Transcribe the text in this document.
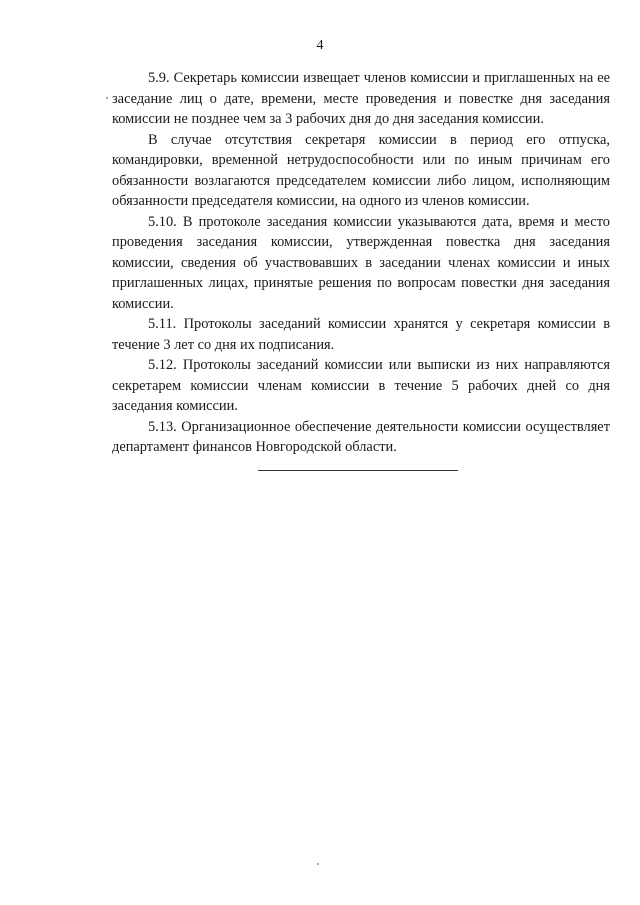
4

5.9. Секретарь комиссии извещает членов комиссии и приглашенных на ее заседание лиц о дате, времени, месте проведения и повестке дня заседания комиссии не позднее чем за 3 рабочих дня до дня заседания комиссии.

В случае отсутствия секретаря комиссии в период его отпуска, командировки, временной нетрудоспособности или по иным причинам его обязанности возлагаются председателем комиссии либо лицом, исполняющим обязанности председателя комиссии, на одного из членов комиссии.

5.10. В протоколе заседания комиссии указываются дата, время и место проведения заседания комиссии, утвержденная повестка дня заседания комиссии, сведения об участвовавших в заседании членах комиссии и иных приглашенных лицах, принятые решения по вопросам повестки дня заседания комиссии.

5.11. Протоколы заседаний комиссии хранятся у секретаря комиссии в течение 3 лет со дня их подписания.

5.12. Протоколы заседаний комиссии или выписки из них направляются секретарем комиссии членам комиссии в течение 5 рабочих дней со дня заседания комиссии.

5.13. Организационное обеспечение деятельности комиссии осуществляет департамент финансов Новгородской области.
